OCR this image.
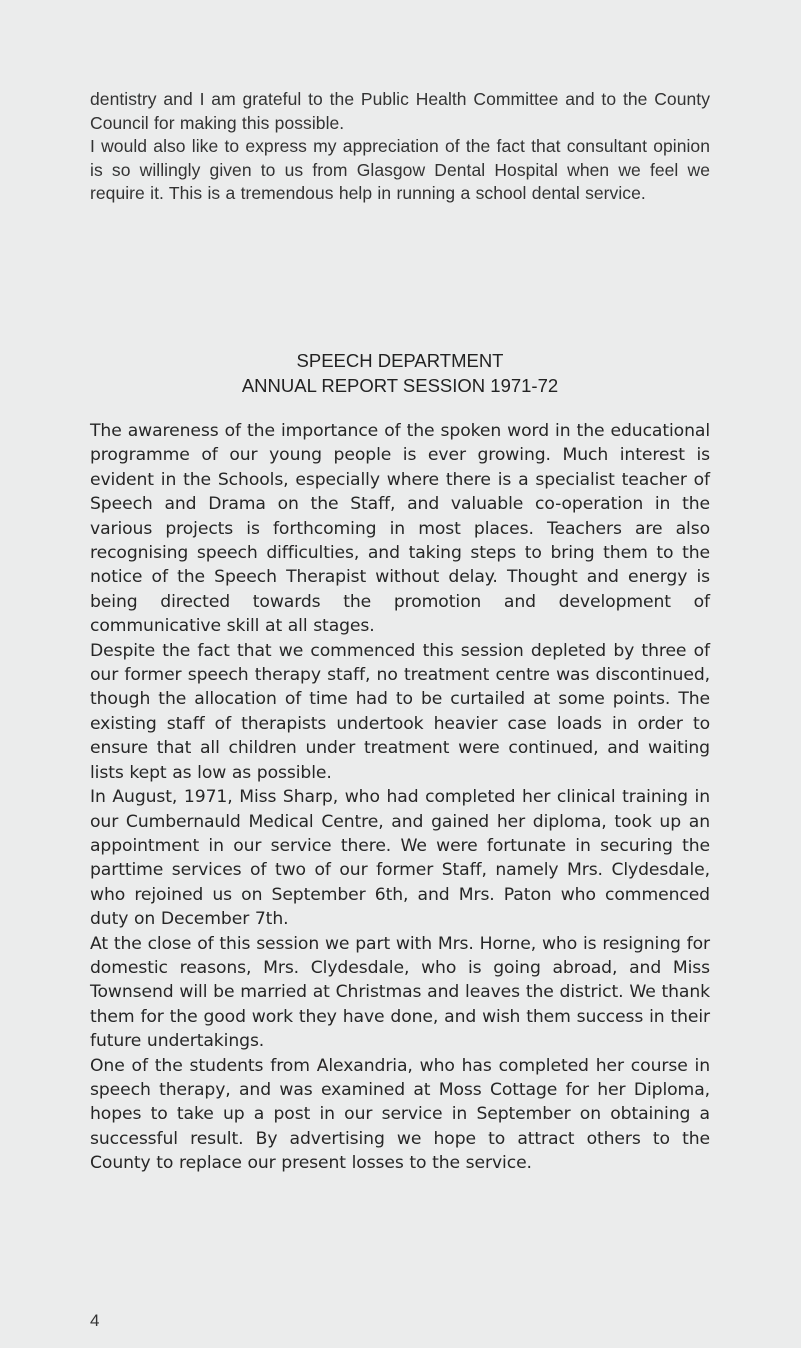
dentistry and I am grateful to the Public Health Committee and to the County Council for making this possible.

I would also like to express my appreciation of the fact that consultant opinion is so willingly given to us from Glasgow Dental Hospital when we feel we require it. This is a tremendous help in running a school dental service.

SPEECH DEPARTMENT
ANNUAL REPORT SESSION 1971-72

The awareness of the importance of the spoken word in the educational programme of our young people is ever growing. Much interest is evident in the Schools, especially where there is a specialist teacher of Speech and Drama on the Staff, and valuable co-operation in the various projects is forthcoming in most places. Teachers are also recognising speech difficulties, and taking steps to bring them to the notice of the Speech Therapist without delay. Thought and energy is being directed towards the promotion and development of communicative skill at all stages.

Despite the fact that we commenced this session depleted by three of our former speech therapy staff, no treatment centre was discontinued, though the allocation of time had to be curtailed at some points. The existing staff of therapists undertook heavier case loads in order to ensure that all children under treatment were continued, and waiting lists kept as low as possible.

In August, 1971, Miss Sharp, who had completed her clinical training in our Cumbernauld Medical Centre, and gained her diploma, took up an appointment in our service there. We were fortunate in securing the parttime services of two of our former Staff, namely Mrs. Clydesdale, who rejoined us on September 6th, and Mrs. Paton who commenced duty on December 7th.

At the close of this session we part with Mrs. Horne, who is resigning for domestic reasons, Mrs. Clydesdale, who is going abroad, and Miss Townsend will be married at Christmas and leaves the district. We thank them for the good work they have done, and wish them success in their future undertakings.

One of the students from Alexandria, who has completed her course in speech therapy, and was examined at Moss Cottage for her Diploma, hopes to take up a post in our service in September on obtaining a successful result. By advertising we hope to attract others to the County to replace our present losses to the service.

4
